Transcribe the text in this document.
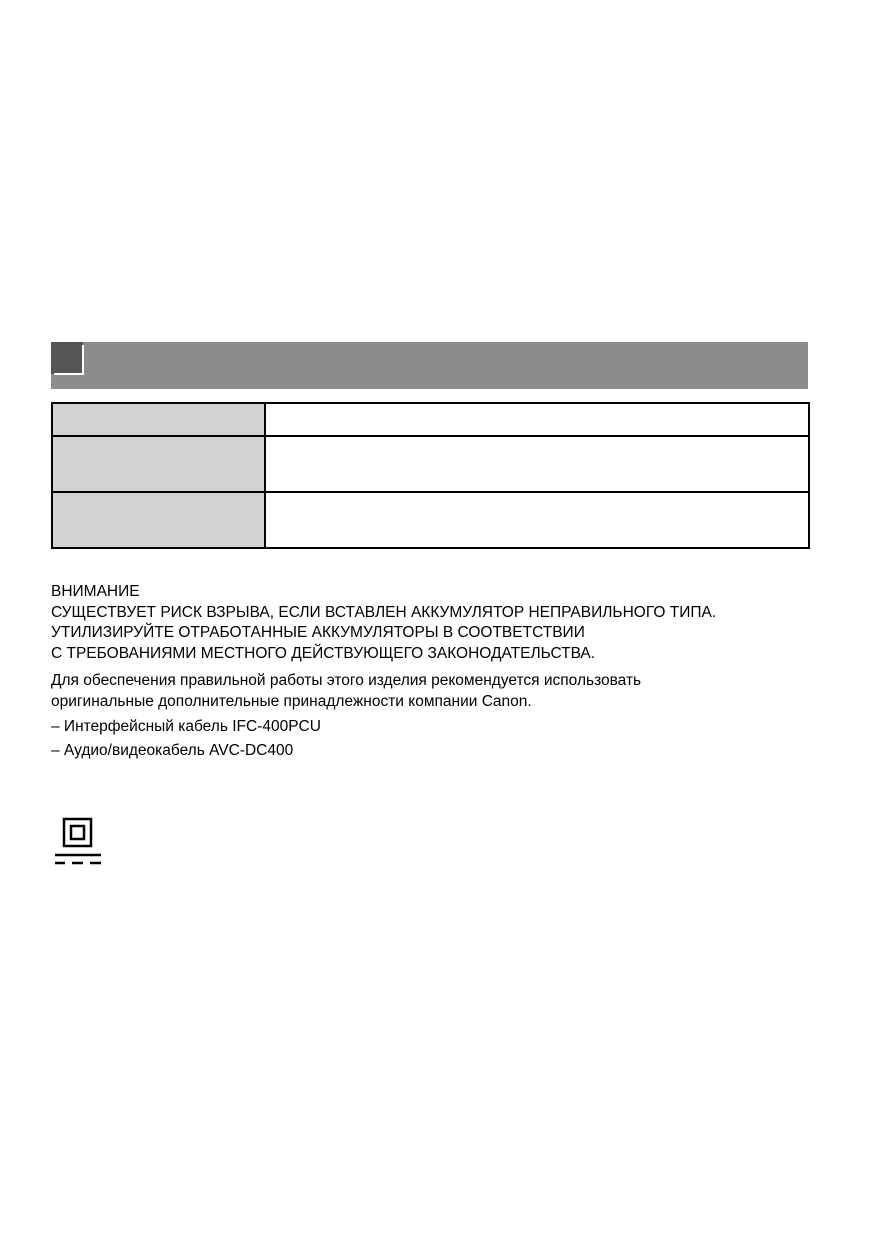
ВНИМАНИЕ
СУЩЕСТВУЕТ РИСК ВЗРЫВА, ЕСЛИ ВСТАВЛЕН АККУМУЛЯТОР НЕПРАВИЛЬНОГО ТИПА.
УТИЛИЗИРУЙТЕ ОТРАБОТАННЫЕ АККУМУЛЯТОРЫ В СООТВЕТСТВИИ
С ТРЕБОВАНИЯМИ МЕСТНОГО ДЕЙСТВУЮЩЕГО ЗАКОНОДАТЕЛЬСТВА.
Для обеспечения правильной работы этого изделия рекомендуется использовать
оригинальные дополнительные принадлежности компании Canon.
– Интерфейсный кабель IFC-400PCU
– Аудио/видеокабель AVC-DC400
